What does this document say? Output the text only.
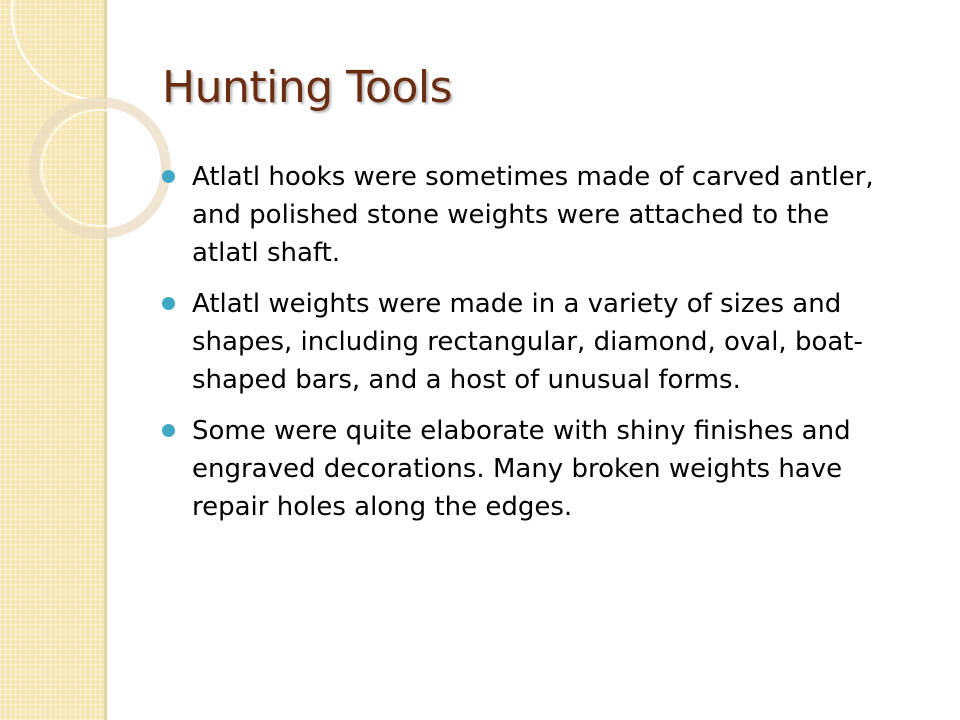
Hunting Tools
Atlatl hooks were sometimes made of carved antler, and polished stone weights were attached to the atlatl shaft.
Atlatl weights were made in a variety of sizes and shapes, including rectangular, diamond, oval, boat-shaped bars, and a host of unusual forms.
Some were quite elaborate with shiny finishes and engraved decorations. Many broken weights have repair holes along the edges.
